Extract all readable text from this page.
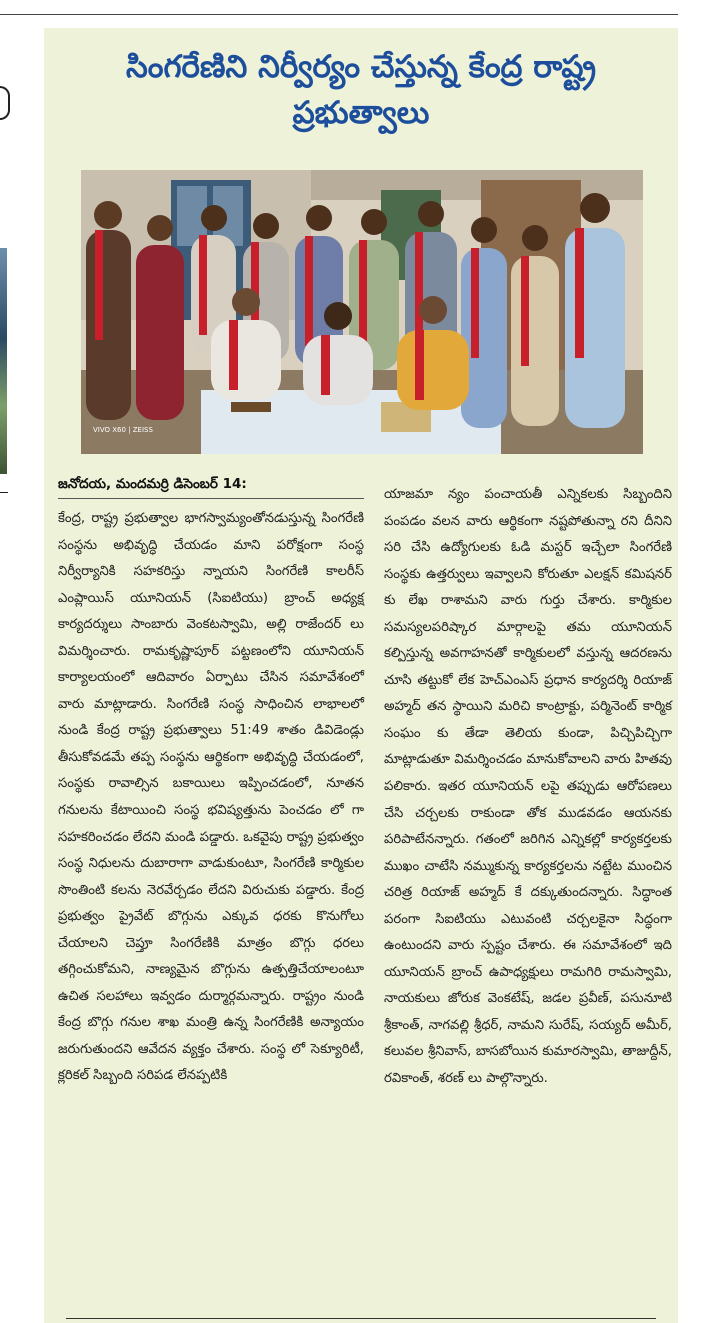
సింగరేణిని నిర్వీర్యం చేస్తున్న కేంద్ర రాష్ట్ర ప్రభుత్వాలు
VIVO X60 | ZEISS
జనోదయ, మందమర్రి డిసెంబర్ 14:

కేంద్ర, రాష్ట్ర ప్రభుత్వాల భాగస్వామ్యంతోనడుస్తున్న సింగరేణి సంస్థను అభివృద్ధి చేయడం మాని పరోక్షంగా సంస్థ నిర్వీర్యానికి సహకరిస్తు న్నాయని సింగరేణి కాలరీస్ ఎంప్లాయిస్ యూనియన్ (సిఐటియు) బ్రాంచ్ అధ్యక్ష కార్యదర్శులు సాంబారు వెంకటస్వామి, అల్లి రాజేందర్ లు విమర్శించారు. రామకృష్ణాపూర్ పట్టణంలోని యూనియన్ కార్యాలయంలో ఆదివారం ఏర్పాటు చేసిన సమావేశంలో వారు మాట్లాడారు. సింగరేణి సంస్థ సాధించిన లాభాలలో నుండి కేంద్ర రాష్ట్ర ప్రభుత్వాలు 51:49 శాతం డివిడెండ్లు తీసుకోవడమే తప్ప సంస్థను ఆర్థికంగా అభివృద్ధి చేయడంలో, సంస్థకు రావాల్సిన బకాయిలు ఇప్పించడంలో, నూతన గనులను కేటాయించి సంస్థ భవిష్యత్తును పెంచడం లో గా సహకరించడం లేదని మండి పడ్డారు. ఒకవైపు రాష్ట్ర ప్రభుత్వం సంస్థ నిధులను దుబారాగా వాడుకుంటూ, సింగరేణి కార్మికుల సొంతింటి కలను నెరవేర్చడం లేదని విరుచుకు పడ్డారు. కేంద్ర ప్రభుత్వం ప్రైవేట్ బొగ్గును ఎక్కువ ధరకు కొనుగోలు చేయాలని చెప్తూ సింగరేణికి మాత్రం బొగ్గు ధరలు తగ్గించుకోమని, నాణ్యమైన బొగ్గును ఉత్పత్తిచేయాలంటూ ఉచిత సలహాలు ఇవ్వడం దుర్మార్గమన్నారు. రాష్ట్రం నుండి కేంద్ర బొగ్గు గనుల శాఖ మంత్రి ఉన్న సింగరేణికి అన్యాయం జరుగుతుందని ఆవేదన వ్యక్తం చేశారు. సంస్థ లో సెక్యూరిటీ, క్లరికల్ సిబ్బంది సరిపడ లేనప్పటికి

యాజమా న్యం పంచాయతీ ఎన్నికలకు సిబ్బందిని పంపడం వలన వారు ఆర్థికంగా నష్టపోతున్నా రని దీనిని సరి చేసి ఉద్యోగులకు ఓడి మస్టర్ ఇచ్చేలా సింగరేణి సంస్థకు ఉత్తర్వులు ఇవ్వాలని కోరుతూ ఎలక్షన్ కమిషనర్ కు లేఖ రాశామని వారు గుర్తు చేశారు. కార్మికుల సమస్యలపరిష్కార మార్గాలపై తమ యూనియన్ కల్పిస్తున్న అవగాహనతో కార్మికులలో వస్తున్న ఆదరణను చూసి తట్టుకో లేక హెచ్ఎంఎస్ ప్రధాన కార్యదర్శి రియాజ్ అహ్మద్ తన స్థాయిని మరిచి కాంట్రాక్టు, పర్మినెంట్ కార్మిక సంఘం కు తేడా తెలియ కుండా, పిచ్చిపిచ్చిగా మాట్లాడుతూ విమర్శించడం మానుకోవాలని వారు హితవు పలికారు. ఇతర యూనియన్ లపై తప్పుడు ఆరోపణలు చేసి చర్చలకు రాకుండా తోక ముడవడం ఆయనకు పరిపాటేనన్నారు. గతంలో జరిగిన ఎన్నికల్లో కార్యకర్తలకు ముఖం చాటేసి నమ్ముకున్న కార్యకర్తలను నట్టేట ముంచిన చరిత్ర రియాజ్ అహ్మద్ కే దక్కుతుందన్నారు. సిద్ధాంత పరంగా సిఐటియు ఎటువంటి చర్చలకైనా సిద్ధంగా ఉంటుందని వారు స్పష్టం చేశారు. ఈ సమావేశంలో ఇది యూనియన్ బ్రాంచ్ ఉపాధ్యక్షులు రామగిరి రామస్వామి, నాయకులు జోరుక వెంకటేష్, జడల ప్రవీణ్, పసునూటి శ్రీకాంత్, నాగవల్లి శ్రీధర్, నామని సురేష్, సయ్యద్ అమీర్, కలువల శ్రీనివాస్, బాసబోయిన కుమారస్వామి, తాజుద్దీన్, రవికాంత్, శరణ్ లు పాల్గొన్నారు.
